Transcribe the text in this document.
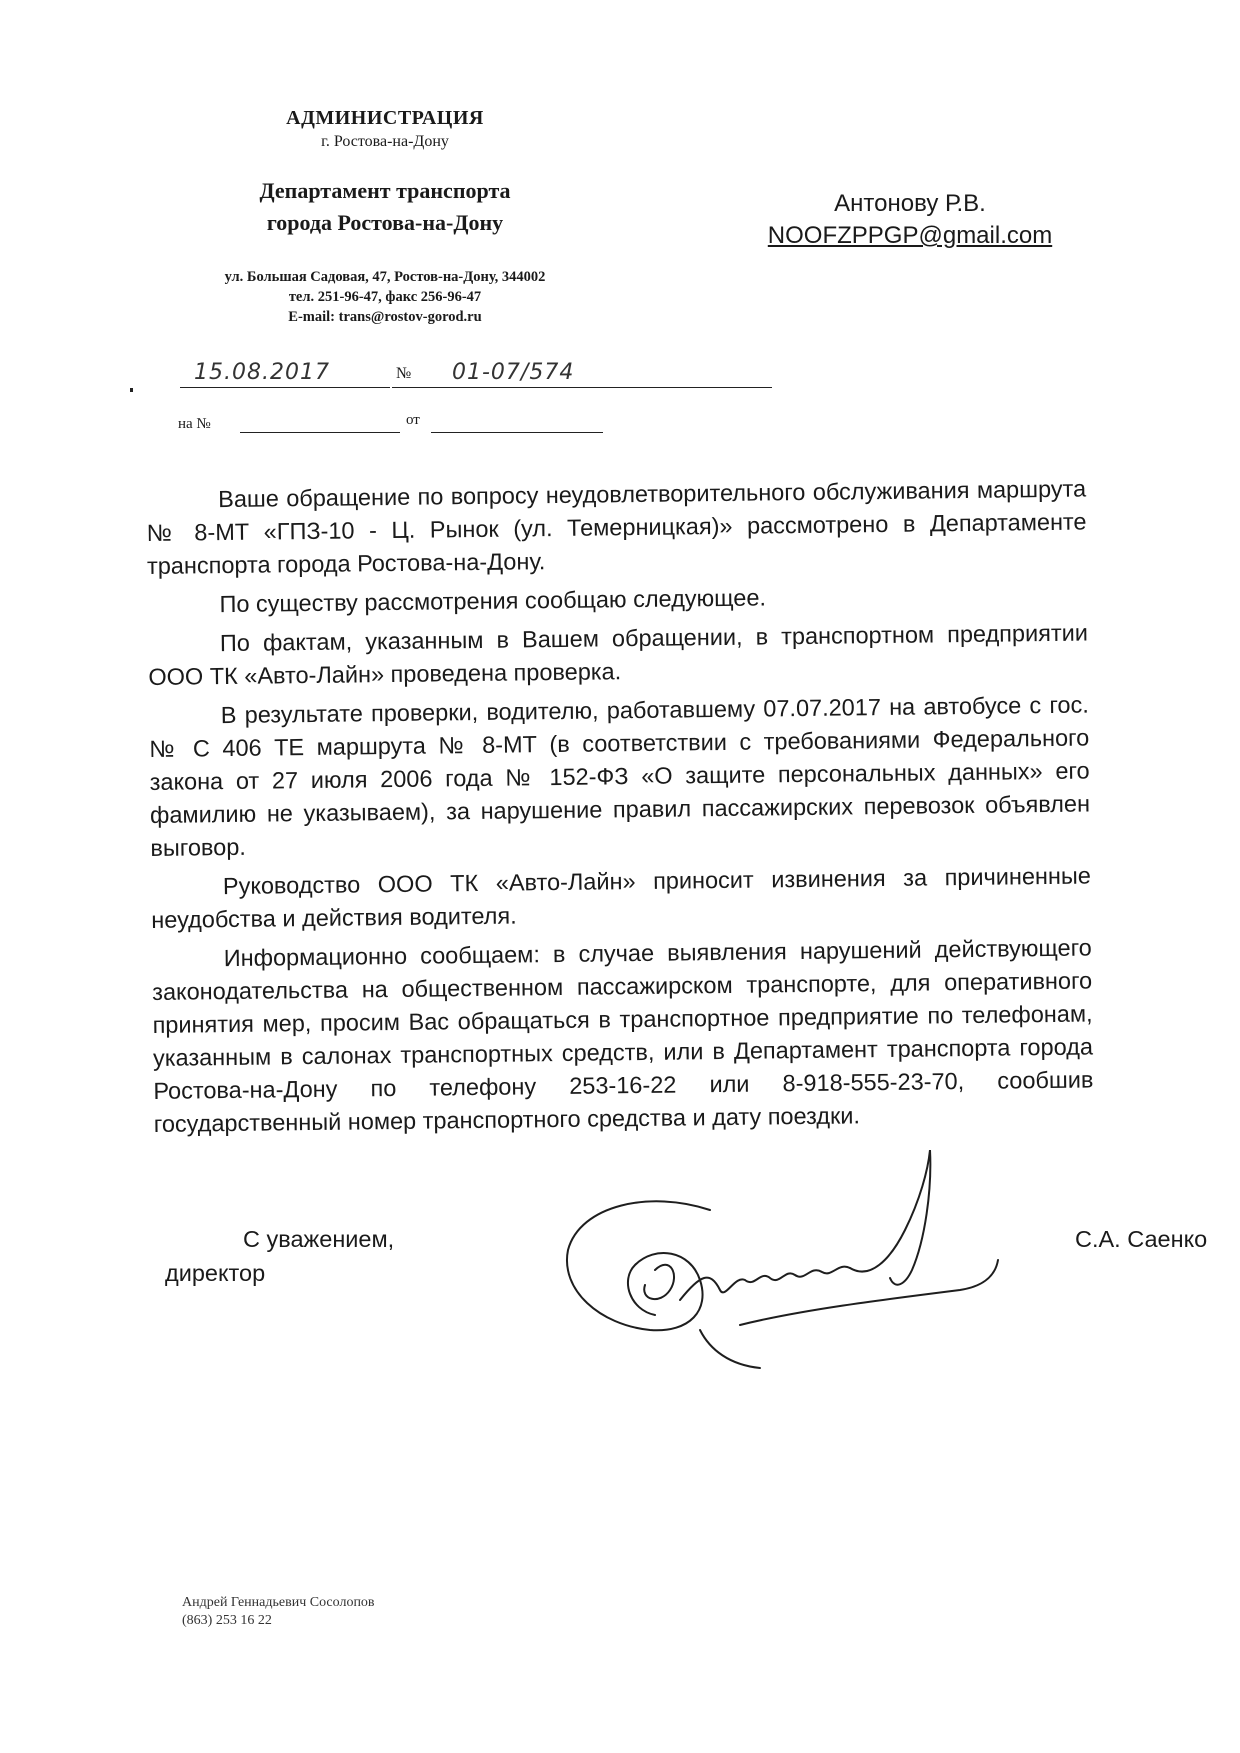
АДМИНИСТРАЦИЯ
г. Ростова-на-Дону
Департамент транспорта
города Ростова-на-Дону
ул. Большая Садовая, 47, Ростов-на-Дону, 344002
тел. 251-96-47, факс 256-96-47
E-mail: trans@rostov-gorod.ru
Антонову Р.В.
NOOFZPPGP@gmail.com
15.08.2017	01-07/574
№
на №	от

Ваше обращение по вопросу неудовлетворительного обслуживания маршрута № 8-МТ «ГПЗ-10 - Ц. Рынок (ул. Темерницкая)» рассмотрено в Департаменте транспорта города Ростова-на-Дону.

По существу рассмотрения сообщаю следующее.

По фактам, указанным в Вашем обращении, в транспортном предприятии ООО ТК «Авто-Лайн» проведена проверка.

В результате проверки, водителю, работавшему 07.07.2017 на автобусе с гос. № С 406 ТЕ маршрута № 8-МТ (в соответствии с требованиями Федерального закона от 27 июля 2006 года № 152-ФЗ «О защите персональных данных» его фамилию не указываем), за нарушение правил пассажирских перевозок объявлен выговор.

Руководство ООО ТК «Авто-Лайн» приносит извинения за причиненные неудобства и действия водителя.

Информационно сообщаем: в случае выявления нарушений действующего законодательства на общественном пассажирском транспорте, для оперативного принятия мер, просим Вас обращаться в транспортное предприятие по телефонам, указанным в салонах транспортных средств, или в Департамент транспорта города Ростова-на-Дону по телефону 253-16-22 или 8-918-555-23-70, сообшив государственный номер транспортного средства и дату поездки.

С уважением,
директор
С.А. Саенко
Андрей Геннадьевич Сосолопов
(863) 253 16 22
